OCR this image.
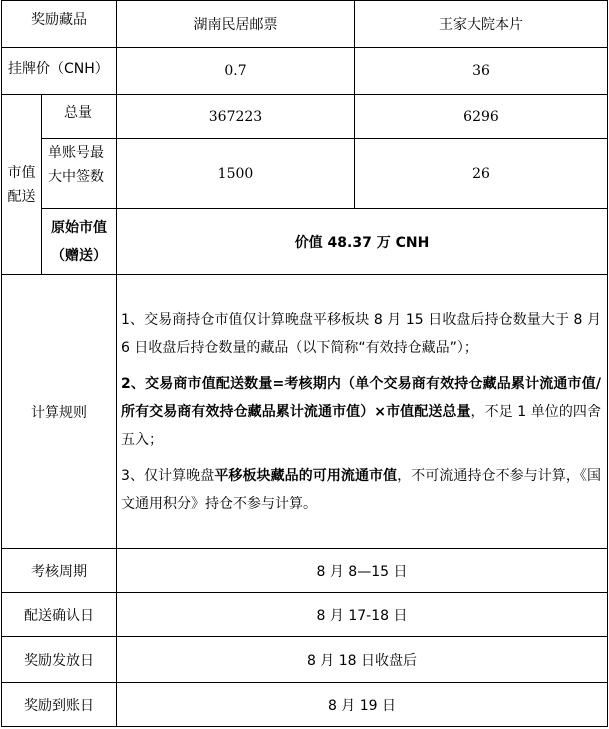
奖励藏品		湖南民居邮票	王家大院本片
挂牌价（CNH）		0.7	36
市值配送	总量	367223	6296
	单账号最大中签数	1500	26
	原始市值（赠送）	价值 48.37 万 CNH	
计算规则		1、交易商持仓市值仅计算晚盘平移板块 8 月 15 日收盘后持仓数量大于 8 月 6 日收盘后持仓数量的藏品（以下简称“有效持仓藏品”）；

2、交易商市值配送数量=考核期内（单个交易商有效持仓藏品累计流通市值/所有交易商有效持仓藏品累计流通市值）×市值配送总量，不足 1 单位的四舍五入；

3、仅计算晚盘平移板块藏品的可用流通市值，不可流通持仓不参与计算，《国文通用积分》持仓不参与计算。	

考核周期		8 月 8—15 日	
配送确认日		8 月 17-18 日	
奖励发放日		8 月 18 日收盘后	
奖励到账日		8 月 19 日	
